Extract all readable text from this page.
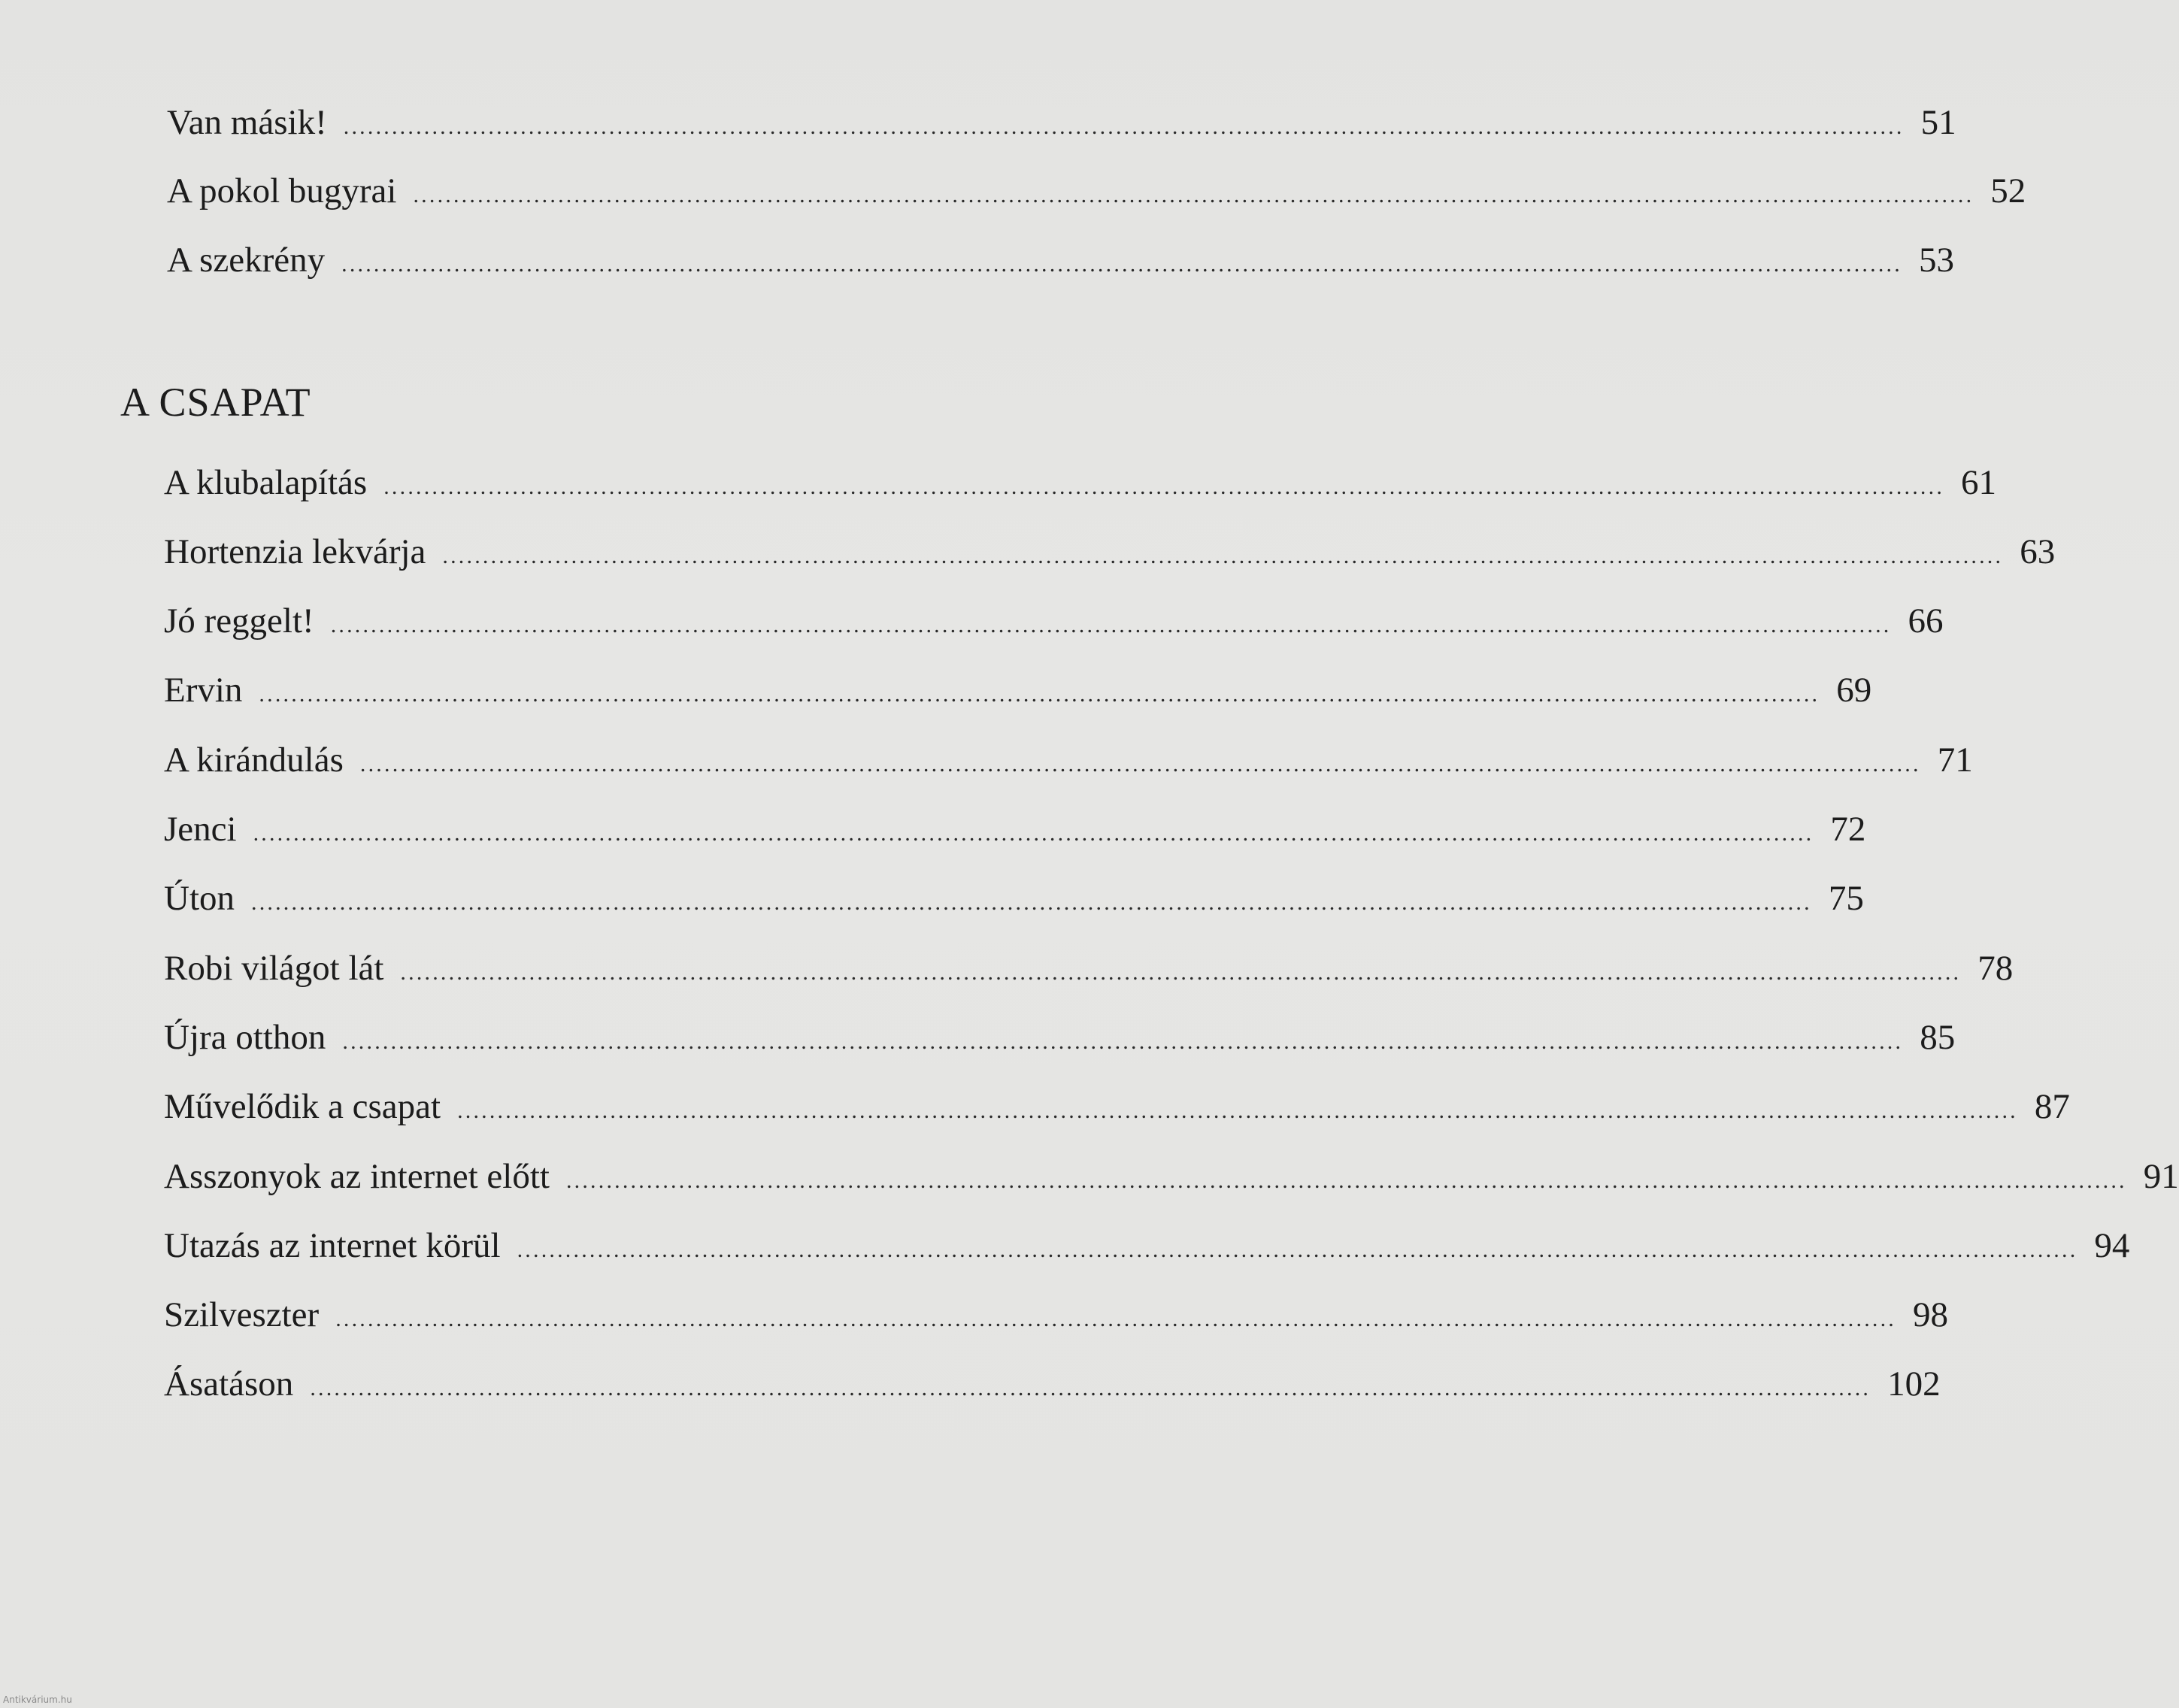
Van másik! .................................................................................................................................................................................................. 51
A pokol bugyrai .................................................................................................................................................................................................. 52
A szekrény .................................................................................................................................................................................................. 53
A CSAPAT
A klubalapítás .................................................................................................................................................................................................. 61
Hortenzia lekvárja .................................................................................................................................................................................................. 63
Jó reggelt! .................................................................................................................................................................................................. 66
Ervin .................................................................................................................................................................................................. 69
A kirándulás .................................................................................................................................................................................................. 71
Jenci .................................................................................................................................................................................................. 72
Úton .................................................................................................................................................................................................. 75
Robi világot lát .................................................................................................................................................................................................. 78
Újra otthon .................................................................................................................................................................................................. 85
Művelődik a csapat .................................................................................................................................................................................................. 87
Asszonyok az internet előtt .................................................................................................................................................................................................. 91
Utazás az internet körül .................................................................................................................................................................................................. 94
Szilveszter .................................................................................................................................................................................................. 98
Ásatáson .................................................................................................................................................................................................. 102
Antikvárium.hu
